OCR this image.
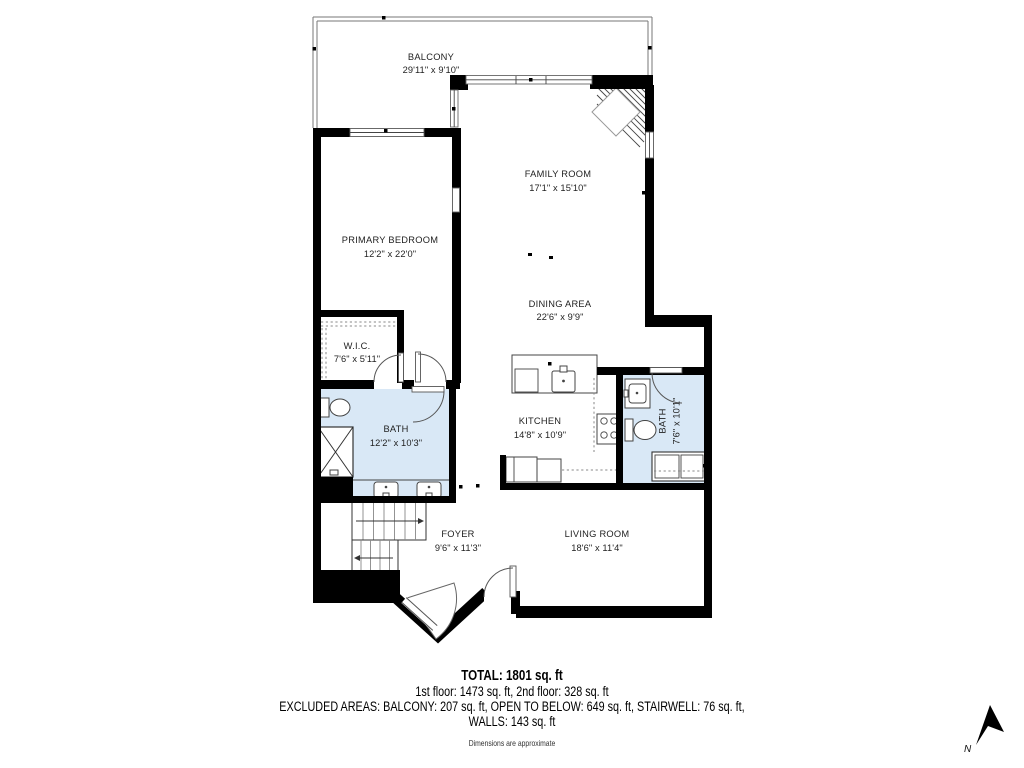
BALCONY
29'11" x 9'10"
FAMILY ROOM
17'1" x 15'10"
PRIMARY BEDROOM
12'2" x 22'0"
DINING AREA
22'6" x 9'9"
W.I.C.
7'6" x 5'11"
BATH
12'2" x 10'3"
KITCHEN
14'8" x 10'9"
BATH 7'6" x 10'1"
FOYER
9'6" x 11'3"
LIVING ROOM
18'6" x 11'4"
N
TOTAL: 1801 sq. ft
1st floor: 1473 sq. ft, 2nd floor: 328 sq. ft
EXCLUDED AREAS: BALCONY: 207 sq. ft, OPEN TO BELOW: 649 sq. ft, STAIRWELL: 76 sq. ft,
WALLS: 143 sq. ft
Dimensions are approximate
